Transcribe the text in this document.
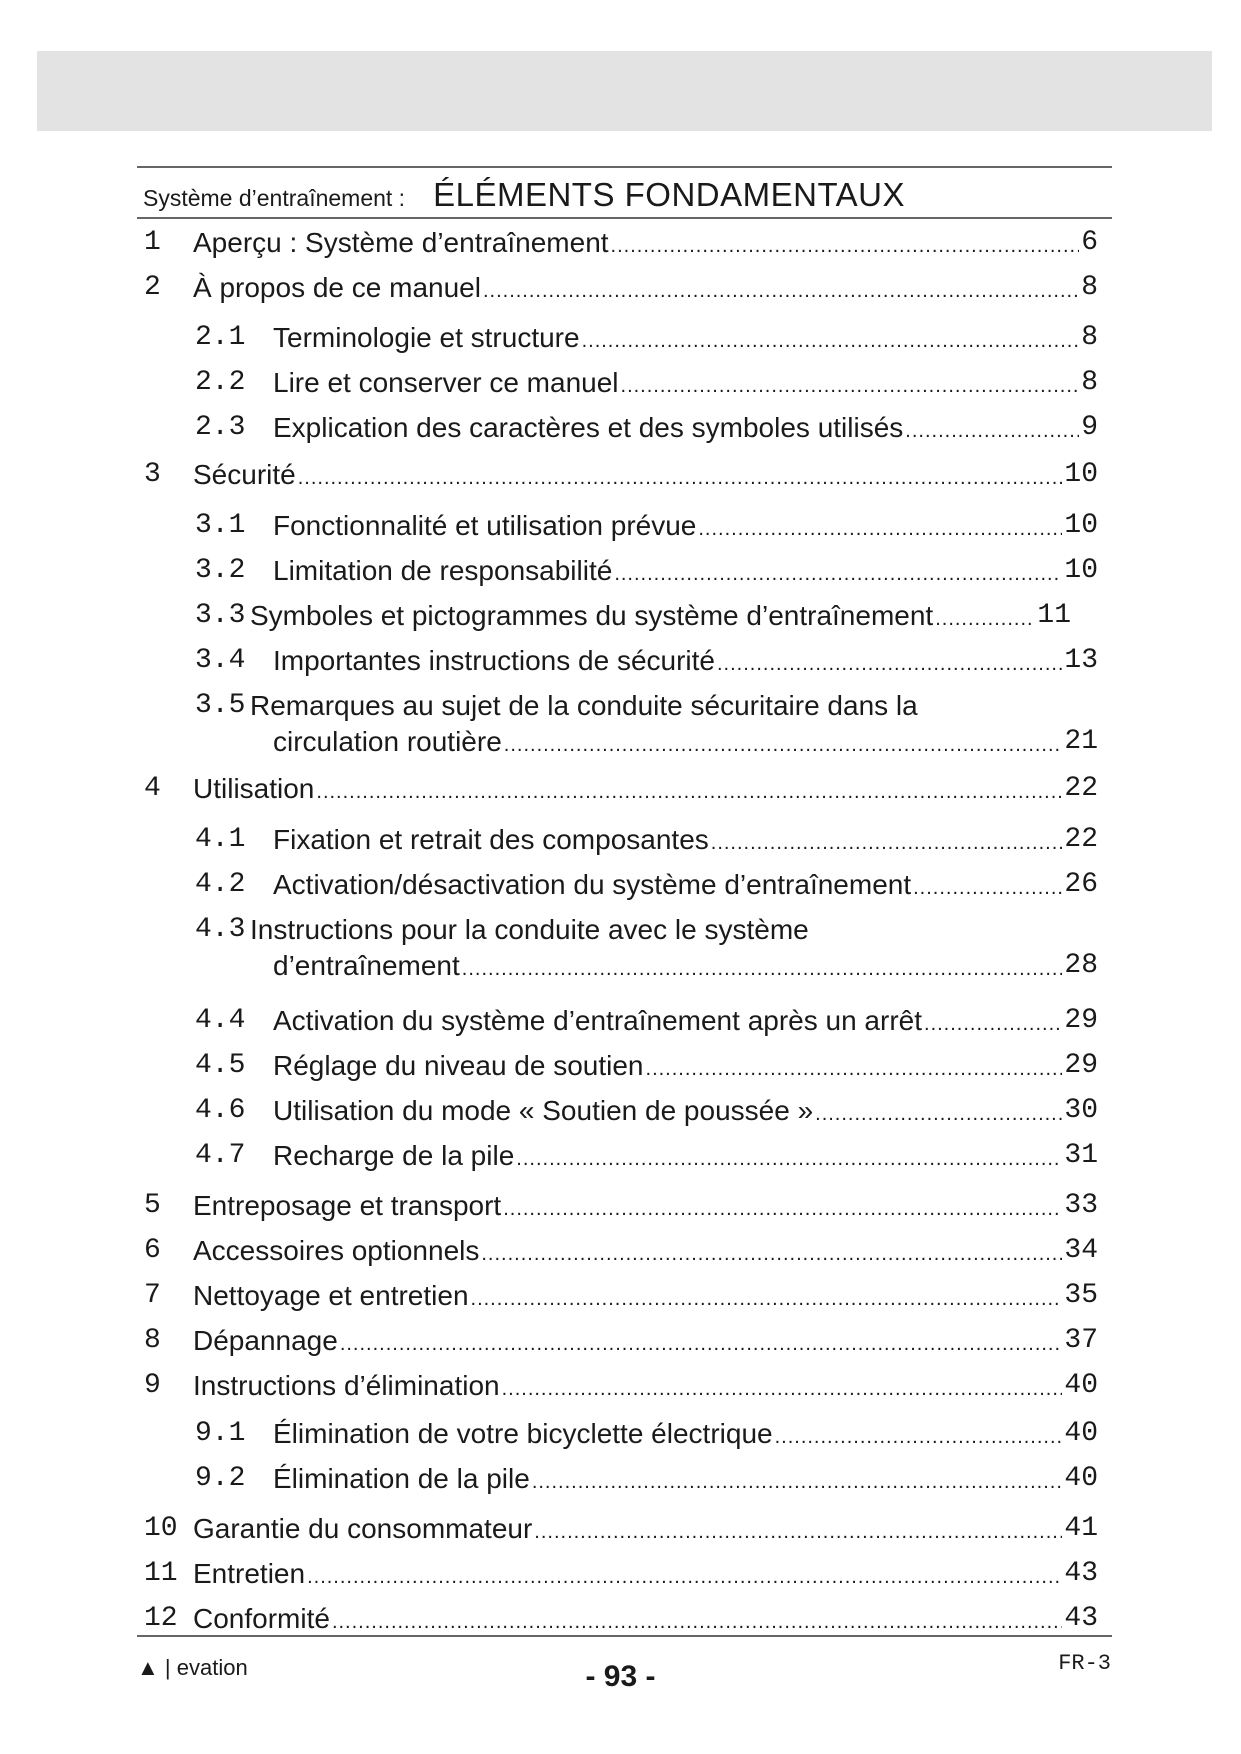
Système d’entraînement : ÉLÉMENTS FONDAMENTAUX
1 Aperçu : Système d’entraînement .....	6
2 À propos de ce manuel .....	8
2.1 Terminologie et structure .....	8
2.2 Lire et conserver ce manuel .....	8
2.3 Explication des caractères et des symboles utilisés .....	9
3 Sécurité .....	10
3.1 Fonctionnalité et utilisation prévue .....	10
3.2 Limitation de responsabilité .....	10
3.3 Symboles et pictogrammes du système d’entraînement .....	11
3.4 Importantes instructions de sécurité .....	13
3.5 Remarques au sujet de la conduite sécuritaire dans la
circulation routière .....	21
4 Utilisation .....	22
4.1 Fixation et retrait des composantes .....	22
4.2 Activation/désactivation du système d’entraînement .....	26
4.3 Instructions pour la conduite avec le système
d’entraînement .....	28
4.4 Activation du système d’entraînement après un arrêt .....	29
4.5 Réglage du niveau de soutien .....	29
4.6 Utilisation du mode « Soutien de poussée » .....	30
4.7 Recharge de la pile .....	31
5 Entreposage et transport .....	33
6 Accessoires optionnels .....	34
7 Nettoyage et entretien .....	35
8 Dépannage .....	37
9 Instructions d’élimination .....	40
9.1 Élimination de votre bicyclette électrique .....	40
9.2 Élimination de la pile .....	40
10 Garantie du consommateur .....	41
11 Entretien .....	43
12 Conformité .....	43
▲ | evation	- 93 -	FR-3
